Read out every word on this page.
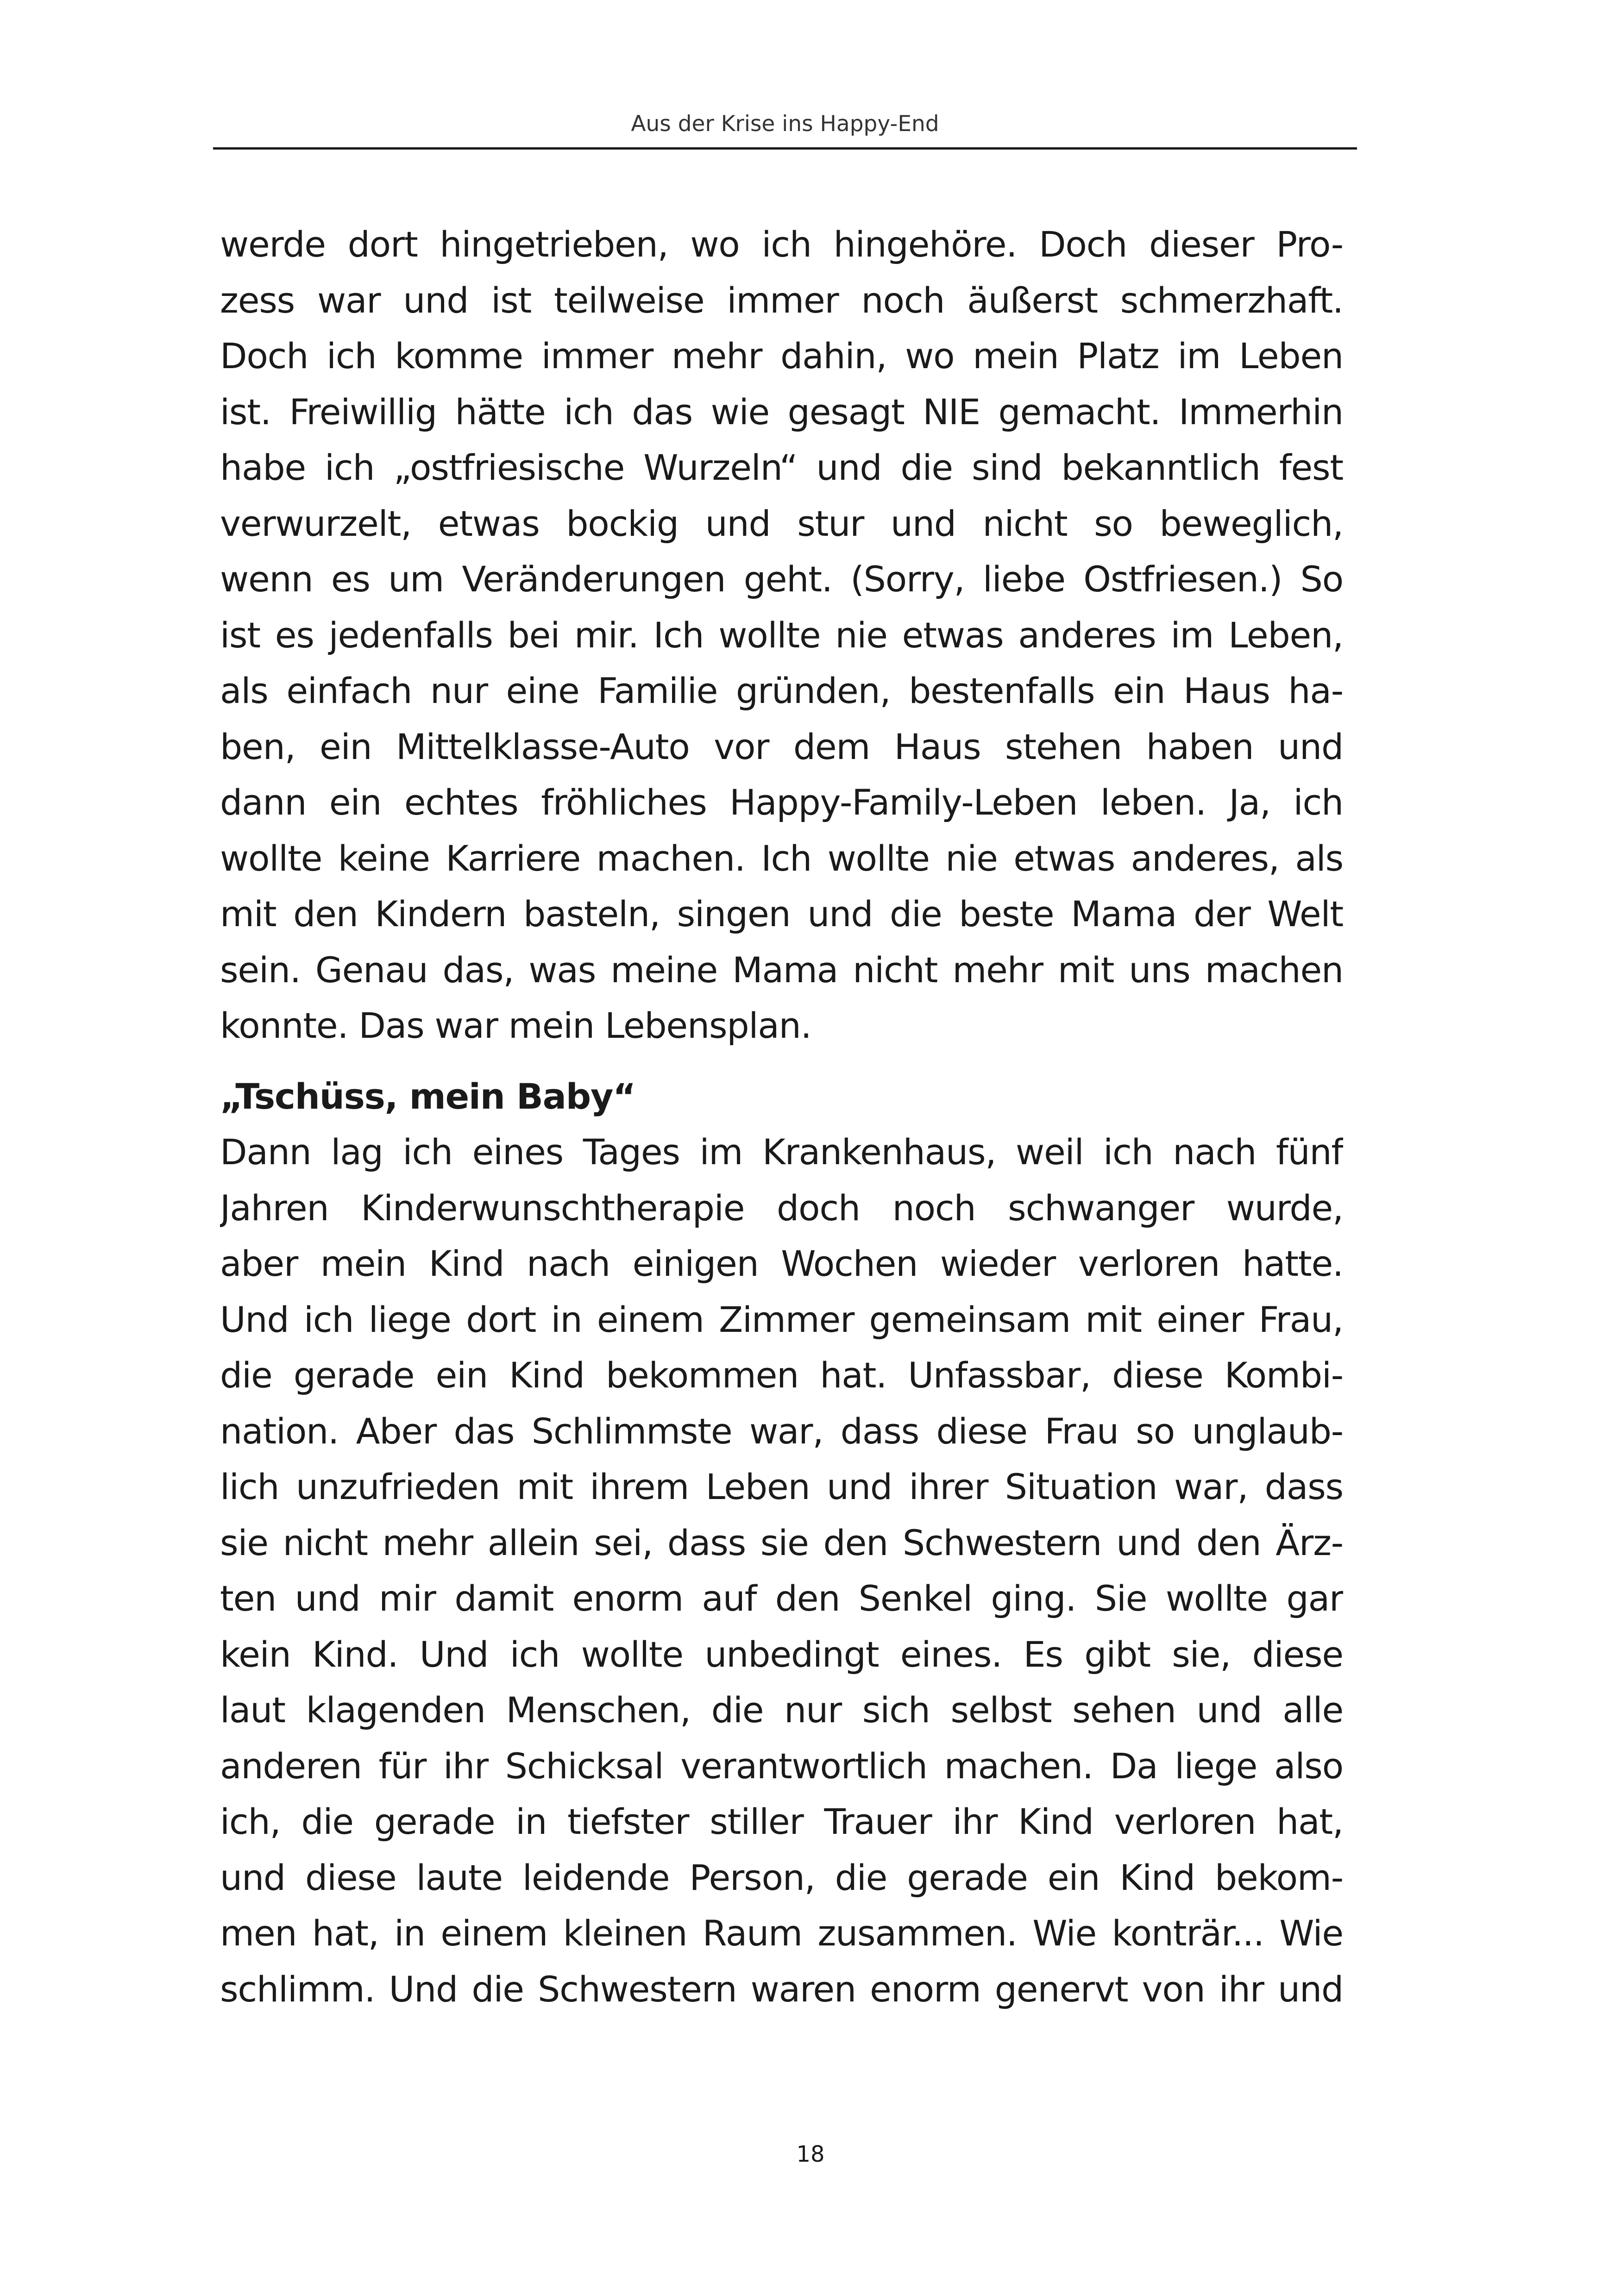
Aus der Krise ins Happy-End
werde dort hingetrieben, wo ich hingehöre. Doch dieser Pro-
zess war und ist teilweise immer noch äußerst schmerzhaft.
Doch ich komme immer mehr dahin, wo mein Platz im Leben
ist. Freiwillig hätte ich das wie gesagt NIE gemacht. Immerhin
habe ich „ostfriesische Wurzeln“ und die sind bekanntlich fest
verwurzelt, etwas bockig und stur und nicht so beweglich,
wenn es um Veränderungen geht. (Sorry, liebe Ostfriesen.) So
ist es jedenfalls bei mir. Ich wollte nie etwas anderes im Leben,
als einfach nur eine Familie gründen, bestenfalls ein Haus ha-
ben, ein Mittelklasse-Auto vor dem Haus stehen haben und
dann ein echtes fröhliches Happy-Family-Leben leben. Ja, ich
wollte keine Karriere machen. Ich wollte nie etwas anderes, als
mit den Kindern basteln, singen und die beste Mama der Welt
sein. Genau das, was meine Mama nicht mehr mit uns machen
konnte. Das war mein Lebensplan.
„Tschüss, mein Baby“
Dann lag ich eines Tages im Krankenhaus, weil ich nach fünf
Jahren Kinderwunschtherapie doch noch schwanger wurde,
aber mein Kind nach einigen Wochen wieder verloren hatte.
Und ich liege dort in einem Zimmer gemeinsam mit einer Frau,
die gerade ein Kind bekommen hat. Unfassbar, diese Kombi-
nation. Aber das Schlimmste war, dass diese Frau so unglaub-
lich unzufrieden mit ihrem Leben und ihrer Situation war, dass
sie nicht mehr allein sei, dass sie den Schwestern und den Ärz-
ten und mir damit enorm auf den Senkel ging. Sie wollte gar
kein Kind. Und ich wollte unbedingt eines. Es gibt sie, diese
laut klagenden Menschen, die nur sich selbst sehen und alle
anderen für ihr Schicksal verantwortlich machen. Da liege also
ich, die gerade in tiefster stiller Trauer ihr Kind verloren hat,
und diese laute leidende Person, die gerade ein Kind bekom-
men hat, in einem kleinen Raum zusammen. Wie konträr... Wie
schlimm. Und die Schwestern waren enorm genervt von ihr und
18
